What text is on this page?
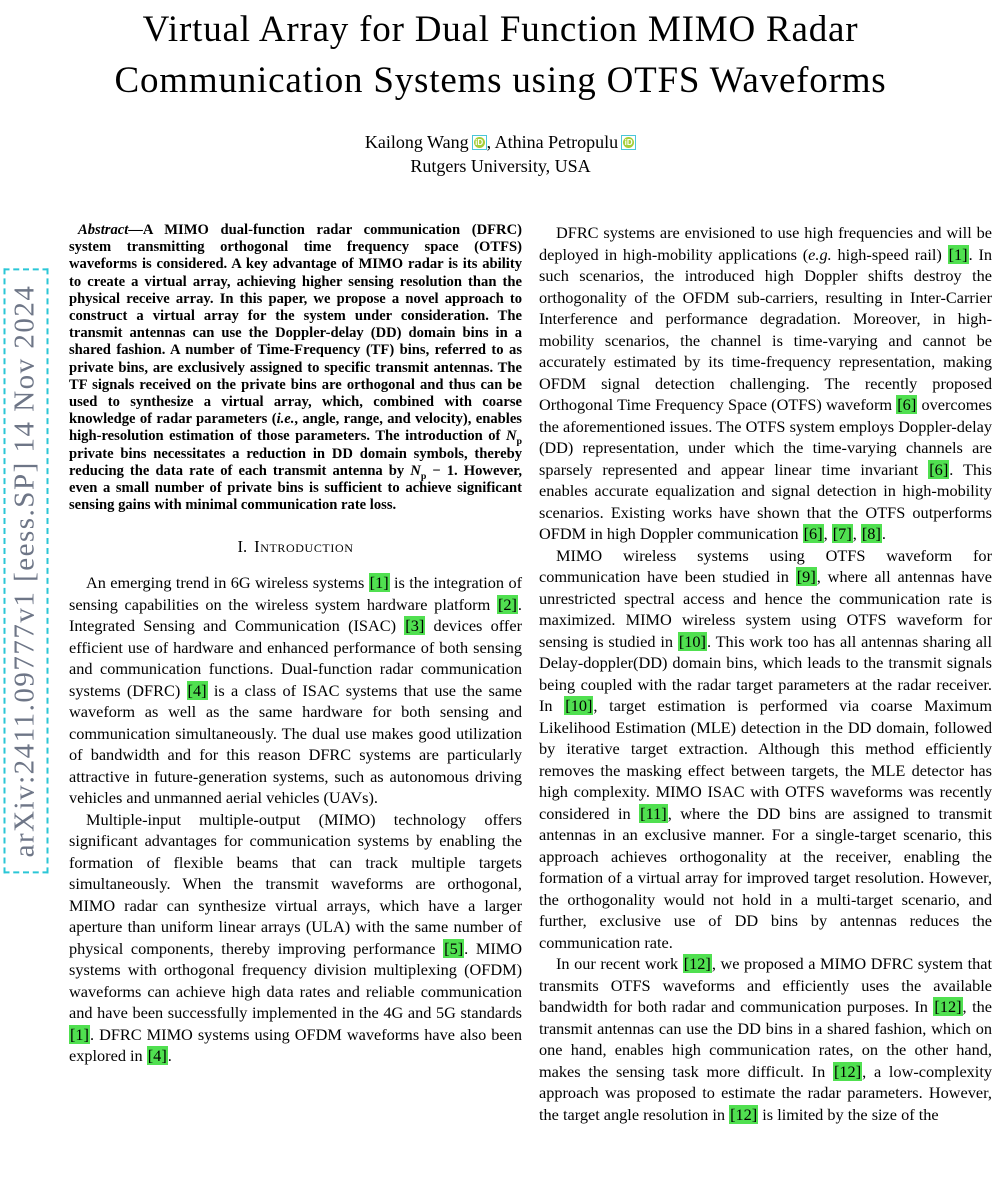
arXiv:2411.09777v1 [eess.SP] 14 Nov 2024
Virtual Array for Dual Function MIMO Radar
Communication Systems using OTFS Waveforms
Kailong Wang iD , Athina PetropuluiD
Rutgers University, USA

Abstract—A MIMO dual-function radar communication (DFRC) system transmitting orthogonal time frequency space (OTFS) waveforms is considered. A key advantage of MIMO radar is its ability to create a virtual array, achieving higher sensing resolution than the physical receive array. In this paper, we propose a novel approach to construct a virtual array for the system under consideration. The transmit antennas can use the Doppler-delay (DD) domain bins in a shared fashion. A number of Time-Frequency (TF) bins, referred to as private bins, are exclusively assigned to specific transmit antennas. The TF signals received on the private bins are orthogonal and thus can be used to synthesize a virtual array, which, combined with coarse knowledge of radar parameters (i.e., angle, range, and velocity), enables high-resolution estimation of those parameters. The introduction of $N_p$ private bins necessitates a reduction in DD domain symbols, thereby reducing the data rate of each transmit antenna by $N_p - 1$. However, even a small number of private bins is sufficient to achieve significant sensing gains with minimal communication rate loss.

I. Introduction

An emerging trend in 6G wireless systems [1] is the integration of sensing capabilities on the wireless system hardware platform [2]. Integrated Sensing and Communication (ISAC) [3] devices offer efficient use of hardware and enhanced performance of both sensing and communication functions. Dual-function radar communication systems (DFRC) [4] is a class of ISAC systems that use the same waveform as well as the same hardware for both sensing and communication simultaneously. The dual use makes good utilization of bandwidth and for this reason DFRC systems are particularly attractive in future-generation systems, such as autonomous driving vehicles and unmanned aerial vehicles (UAVs).

Multiple-input multiple-output (MIMO) technology offers significant advantages for communication systems by enabling the formation of flexible beams that can track multiple targets simultaneously. When the transmit waveforms are orthogonal, MIMO radar can synthesize virtual arrays, which have a larger aperture than uniform linear arrays (ULA) with the same number of physical components, thereby improving performance [5]. MIMO systems with orthogonal frequency division multiplexing (OFDM) waveforms can achieve high data rates and reliable communication and have been successfully implemented in the 4G and 5G standards [1]. DFRC MIMO systems using OFDM waveforms have also been explored in [4].

DFRC systems are envisioned to use high frequencies and will be deployed in high-mobility applications (e.g. high-speed rail) [1]. In such scenarios, the introduced high Doppler shifts destroy the orthogonality of the OFDM sub-carriers, resulting in Inter-Carrier Interference and performance degradation. Moreover, in high-mobility scenarios, the channel is time-varying and cannot be accurately estimated by its time-frequency representation, making OFDM signal detection challenging. The recently proposed Orthogonal Time Frequency Space (OTFS) waveform [6] overcomes the aforementioned issues. The OTFS system employs Doppler-delay (DD) representation, under which the time-varying channels are sparsely represented and appear linear time invariant [6]. This enables accurate equalization and signal detection in high-mobility scenarios. Existing works have shown that the OTFS outperforms OFDM in high Doppler communication [6], [7], [8].

MIMO wireless systems using OTFS waveform for communication have been studied in [9], where all antennas have unrestricted spectral access and hence the communication rate is maximized. MIMO wireless system using OTFS waveform for sensing is studied in [10]. This work too has all antennas sharing all Delay-doppler(DD) domain bins, which leads to the transmit signals being coupled with the radar target parameters at the radar receiver. In [10], target estimation is performed via coarse Maximum Likelihood Estimation (MLE) detection in the DD domain, followed by iterative target extraction. Although this method efficiently removes the masking effect between targets, the MLE detector has high complexity. MIMO ISAC with OTFS waveforms was recently considered in [11], where the DD bins are assigned to transmit antennas in an exclusive manner. For a single-target scenario, this approach achieves orthogonality at the receiver, enabling the formation of a virtual array for improved target resolution. However, the orthogonality would not hold in a multi-target scenario, and further, exclusive use of DD bins by antennas reduces the communication rate.

In our recent work [12], we proposed a MIMO DFRC system that transmits OTFS waveforms and efficiently uses the available bandwidth for both radar and communication purposes. In [12], the transmit antennas can use the DD bins in a shared fashion, which on one hand, enables high communication rates, on the other hand, makes the sensing task more difficult. In [12], a low-complexity approach was proposed to estimate the radar parameters. However, the target angle resolution in [12] is limited by the size of the
